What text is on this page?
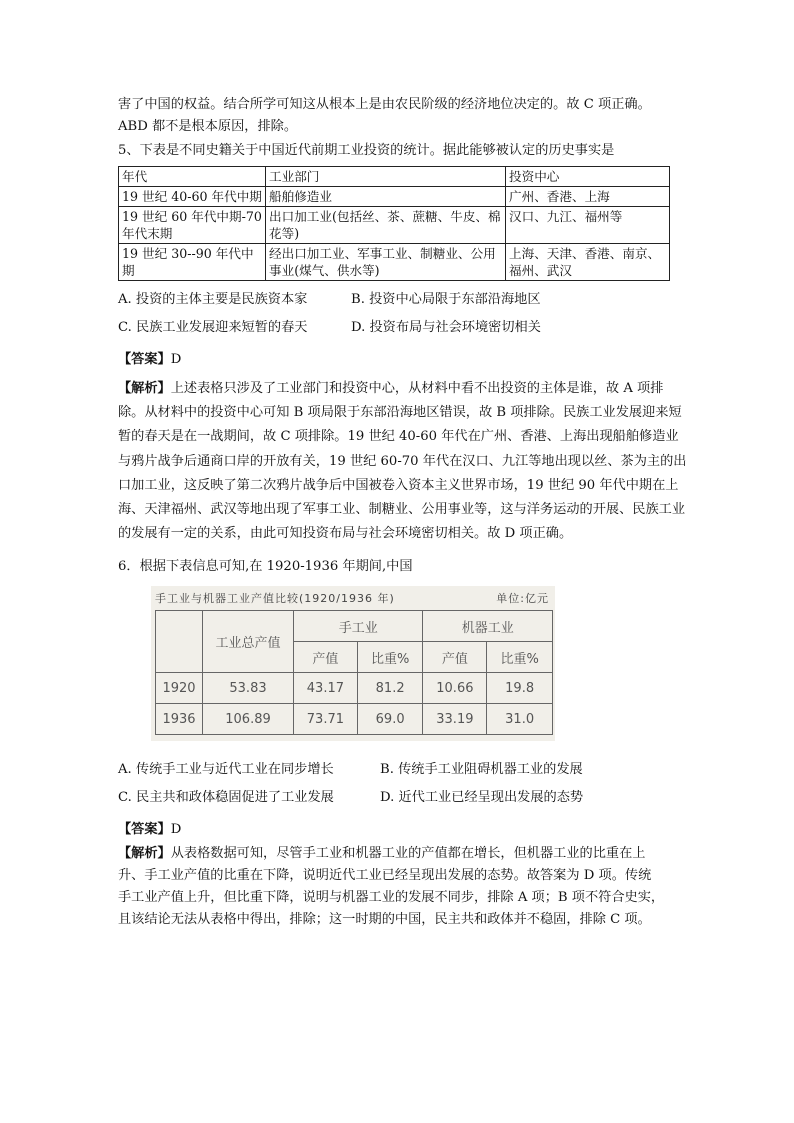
害了中国的权益。结合所学可知这从根本上是由农民阶级的经济地位决定的。故 C 项正确。
ABD 都不是根本原因，排除。
5、下表是不同史籍关于中国近代前期工业投资的统计。据此能够被认定的历史事实是
年代	工业部门	投资中心
19 世纪 40-60 年代中期	船舶修造业	广州、香港、上海
19 世纪 60 年代中期-70 年代末期	出口加工业(包括丝、茶、蔗糖、牛皮、棉花等)	汉口、九江、福州等
19 世纪 30--90 年代中期	经出口加工业、军事工业、制糖业、公用事业(煤气、供水等)	上海、天津、香港、南京、福州、武汉
A. 投资的主体主要是民族资本家	B. 投资中心局限于东部沿海地区
C. 民族工业发展迎来短暂的春天	D. 投资布局与社会环境密切相关
【答案】D
【解析】上述表格只涉及了工业部门和投资中心，从材料中看不出投资的主体是谁，故 A 项排除。从材料中的投资中心可知 B 项局限于东部沿海地区错误，故 B 项排除。民族工业发展迎来短暂的春天是在一战期间，故 C 项排除。19 世纪 40-60 年代在广州、香港、上海出现船舶修造业与鸦片战争后通商口岸的开放有关，19 世纪 60-70 年代在汉口、九江等地出现以丝、茶为主的出口加工业，这反映了第二次鸦片战争后中国被卷入资本主义世界市场，19 世纪 90 年代中期在上海、天津福州、武汉等地出现了军事工业、制糖业、公用事业等，这与洋务运动的开展、民族工业的发展有一定的关系，由此可知投资布局与社会环境密切相关。故 D 项正确。
6．根据下表信息可知,在 1920-1936 年期间,中国
手工业与机器工业产值比较(1920/1936 年)	单位:亿元
	工业总产值	手工业		机器工业	
		产值	比重%	产值	比重%
1920	53.83	43.17	81.2	10.66	19.8
1936	106.89	73.71	69.0	33.19	31.0
A. 传统手工业与近代工业在同步增长	B. 传统手工业阻碍机器工业的发展
C. 民主共和政体稳固促进了工业发展	D. 近代工业已经呈现出发展的态势
【答案】D
【解析】从表格数据可知，尽管手工业和机器工业的产值都在增长，但机器工业的比重在上
升、手工业产值的比重在下降，说明近代工业已经呈现出发展的态势。故答案为 D 项。传统
手工业产值上升，但比重下降，说明与机器工业的发展不同步，排除 A 项；B 项不符合史实，
且该结论无法从表格中得出，排除；这一时期的中国，民主共和政体并不稳固，排除 C 项。
